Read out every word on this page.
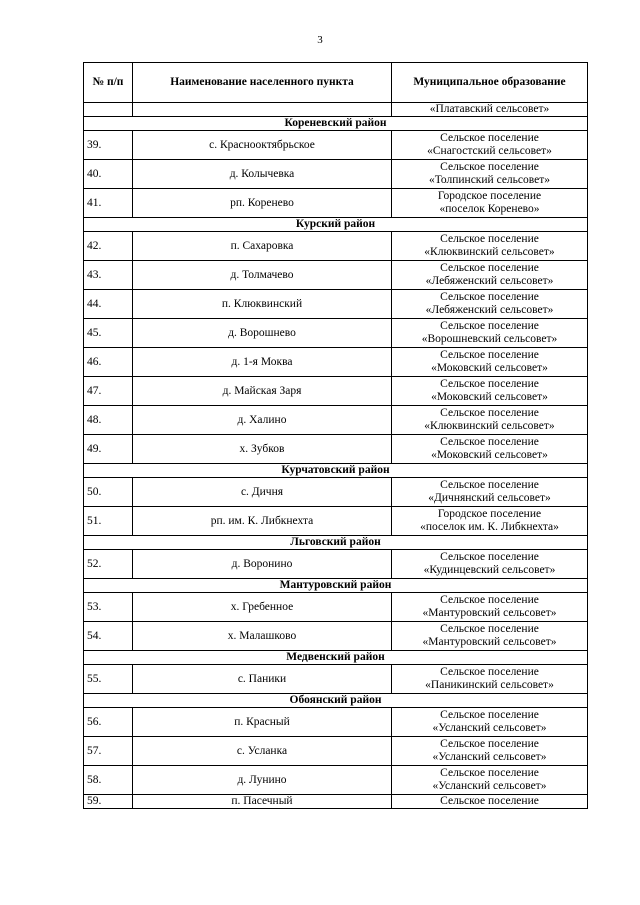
3
№ п/п	Наименование населенного пункта	Муниципальное образование
		«Платавский сельсовет»
Кореневский район		
39.	с. Краснооктябрьское	Сельское поселение
«Снагостский сельсовет»

40.	д. Колычевка	Сельское поселение
«Толпинский сельсовет»

41.	рп. Коренево	Городское поселение
«поселок Коренево»

Курский район		
42.	п. Сахаровка	Сельское поселение
«Клюквинский сельсовет»

43.	д. Толмачево	Сельское поселение
«Лебяженский сельсовет»

44.	п. Клюквинский	Сельское поселение
«Лебяженский сельсовет»

45.	д. Ворошнево	Сельское поселение
«Ворошневский сельсовет»

46.	д. 1-я Моква	Сельское поселение
«Моковский сельсовет»

47.	д. Майская Заря	Сельское поселение
«Моковский сельсовет»

48.	д. Халино	Сельское поселение
«Клюквинский сельсовет»

49.	х. Зубков	Сельское поселение
«Моковский сельсовет»

Курчатовский район		
50.	с. Дичня	Сельское поселение
«Дичнянский сельсовет»

51.	рп. им. К. Либкнехта	Городское поселение
«поселок им. К. Либкнехта»

Льговский район		
52.	д. Воронино	Сельское поселение
«Кудинцевский сельсовет»

Мантуровский район		
53.	х. Гребенное	Сельское поселение
«Мантуровский сельсовет»

54.	х. Малашково	Сельское поселение
«Мантуровский сельсовет»

Медвенский район		
55.	с. Паники	Сельское поселение
«Паникинский сельсовет»

Обоянский район		
56.	п. Красный	Сельское поселение
«Усланский сельсовет»

57.	с. Усланка	Сельское поселение
«Усланский сельсовет»

58.	д. Лунино	Сельское поселение
«Усланский сельсовет»

59.	п. Пасечный	Сельское поселение
